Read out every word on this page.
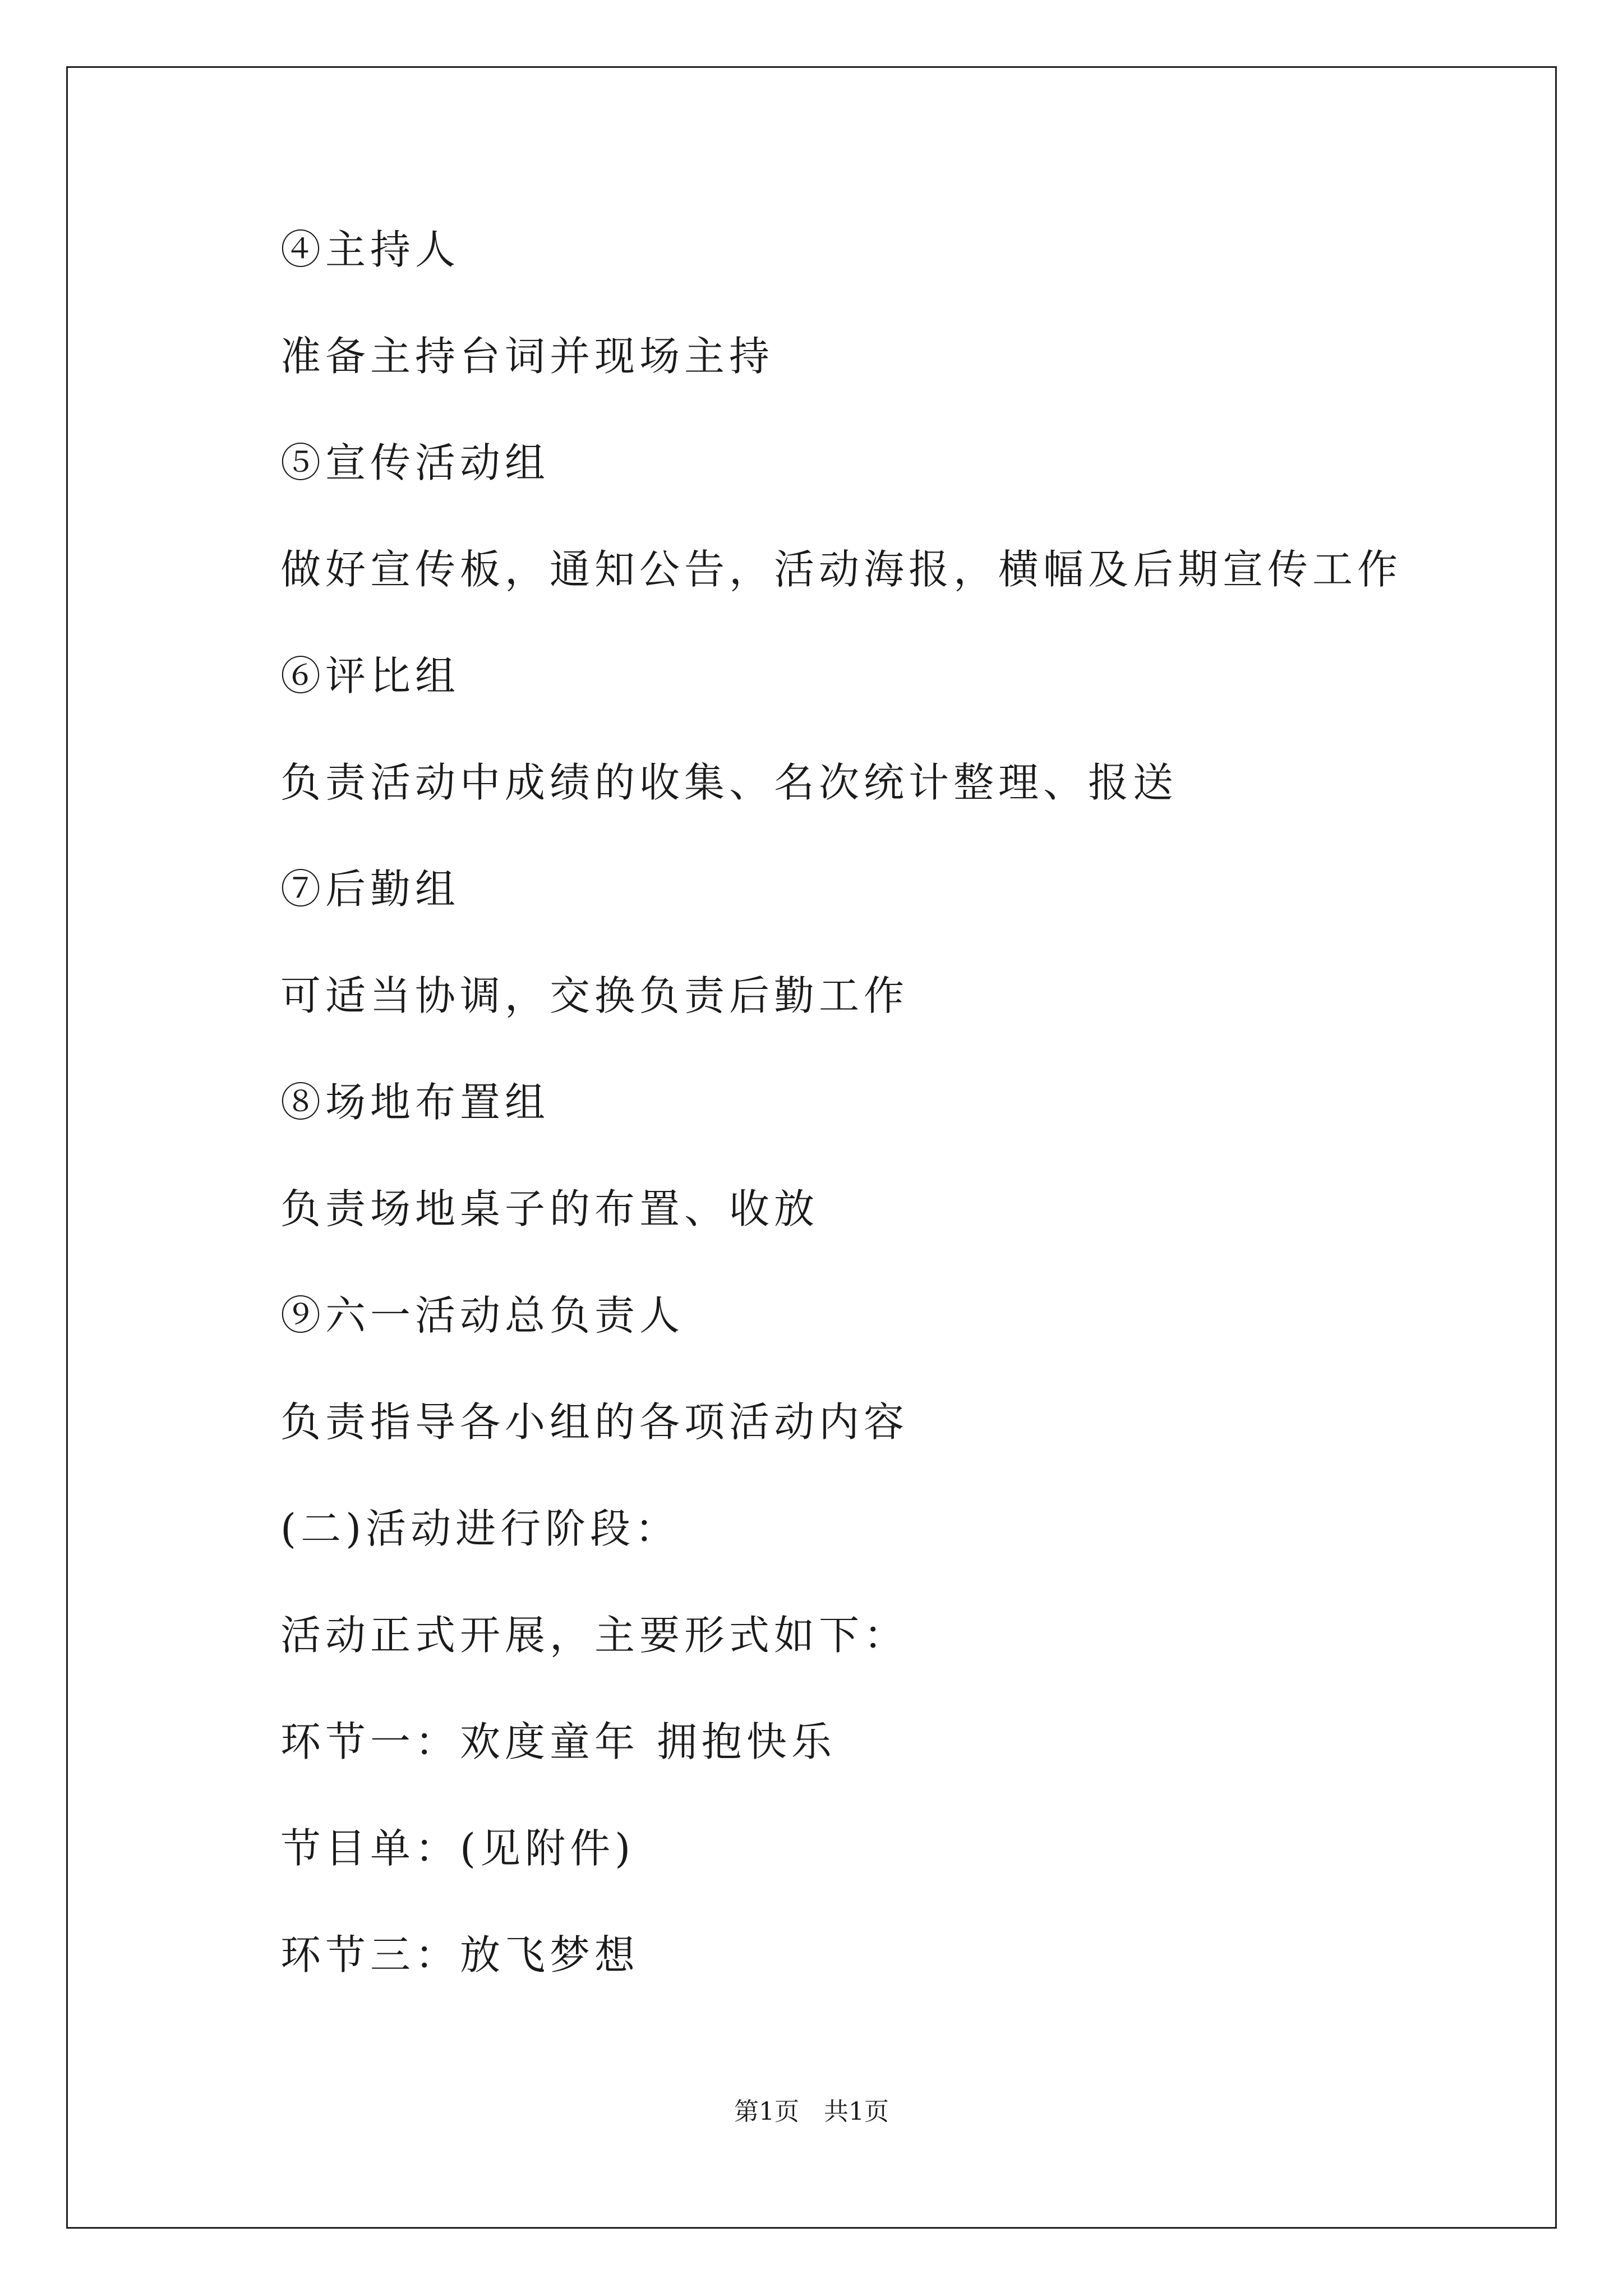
④主持人
准备主持台词并现场主持
⑤宣传活动组
做好宣传板，通知公告，活动海报，横幅及后期宣传工作
⑥评比组
负责活动中成绩的收集、名次统计整理、报送
⑦后勤组
可适当协调，交换负责后勤工作
⑧场地布置组
负责场地桌子的布置、收放
⑨六一活动总负责人
负责指导各小组的各项活动内容
(二)活动进行阶段：
活动正式开展，主要形式如下：
环节一：欢度童年 拥抱快乐
节目单：(见附件)
环节三：放飞梦想
第1页　共1页
